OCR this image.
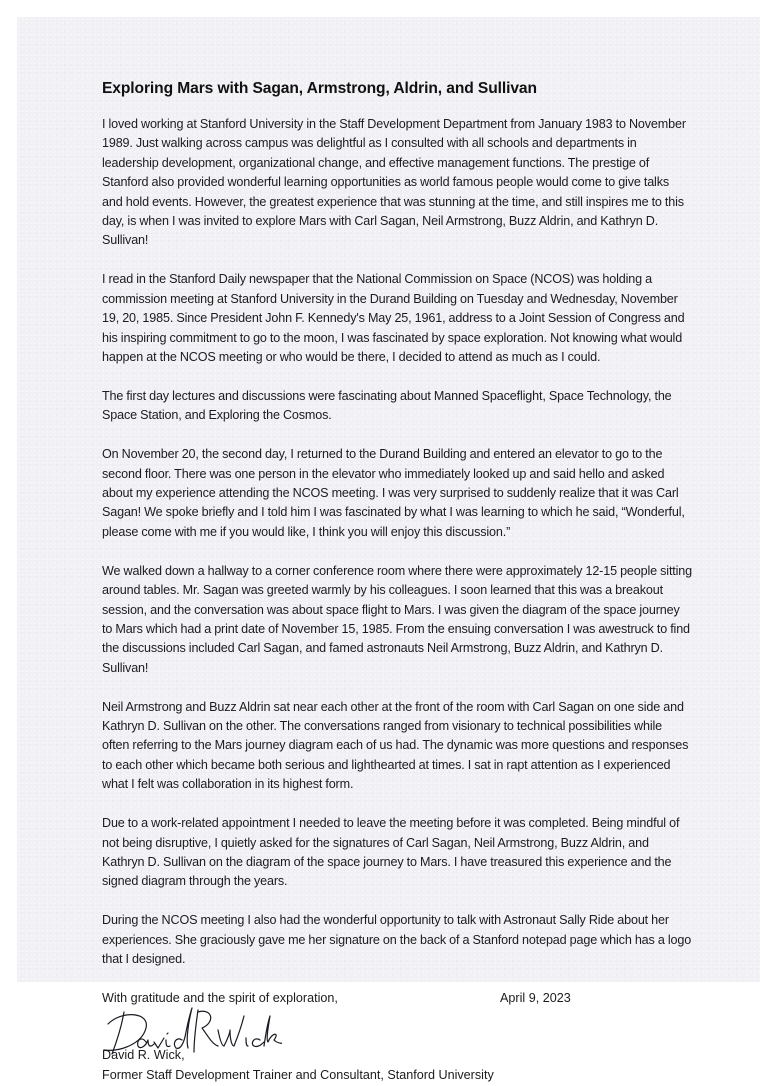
Exploring Mars with Sagan, Armstrong, Aldrin, and Sullivan

I loved working at Stanford University in the Staff Development Department from January 1983 to November 1989. Just walking across campus was delightful as I consulted with all schools and departments in leadership development, organizational change, and effective management functions. The prestige of Stanford also provided wonderful learning opportunities as world famous people would come to give talks and hold events. However, the greatest experience that was stunning at the time, and still inspires me to this day, is when I was invited to explore Mars with Carl Sagan, Neil Armstrong, Buzz Aldrin, and Kathryn D. Sullivan!

I read in the Stanford Daily newspaper that the National Commission on Space (NCOS) was holding a commission meeting at Stanford University in the Durand Building on Tuesday and Wednesday, November 19, 20, 1985. Since President John F. Kennedy's May 25, 1961, address to a Joint Session of Congress and his inspiring commitment to go to the moon, I was fascinated by space exploration. Not knowing what would happen at the NCOS meeting or who would be there, I decided to attend as much as I could.

The first day lectures and discussions were fascinating about Manned Spaceflight, Space Technology, the Space Station, and Exploring the Cosmos.

On November 20, the second day, I returned to the Durand Building and entered an elevator to go to the second floor. There was one person in the elevator who immediately looked up and said hello and asked about my experience attending the NCOS meeting. I was very surprised to suddenly realize that it was Carl Sagan! We spoke briefly and I told him I was fascinated by what I was learning to which he said, “Wonderful, please come with me if you would like, I think you will enjoy this discussion.”

We walked down a hallway to a corner conference room where there were approximately 12-15 people sitting around tables. Mr. Sagan was greeted warmly by his colleagues. I soon learned that this was a breakout session, and the conversation was about space flight to Mars. I was given the diagram of the space journey to Mars which had a print date of November 15, 1985. From the ensuing conversation I was awestruck to find the discussions included Carl Sagan, and famed astronauts Neil Armstrong, Buzz Aldrin, and Kathryn D. Sullivan!

Neil Armstrong and Buzz Aldrin sat near each other at the front of the room with Carl Sagan on one side and Kathryn D. Sullivan on the other. The conversations ranged from visionary to technical possibilities while often referring to the Mars journey diagram each of us had. The dynamic was more questions and responses to each other which became both serious and lighthearted at times. I sat in rapt attention as I experienced what I felt was collaboration in its highest form.

Due to a work-related appointment I needed to leave the meeting before it was completed. Being mindful of not being disruptive, I quietly asked for the signatures of Carl Sagan, Neil Armstrong, Buzz Aldrin, and Kathryn D. Sullivan on the diagram of the space journey to Mars. I have treasured this experience and the signed diagram through the years.

During the NCOS meeting I also had the wonderful opportunity to talk with Astronaut Sally Ride about her experiences. She graciously gave me her signature on the back of a Stanford notepad page which has a logo that I designed.

With gratitude and the spirit of exploration,	April 9, 2023
David R. Wick,
Former Staff Development Trainer and Consultant, Stanford University
